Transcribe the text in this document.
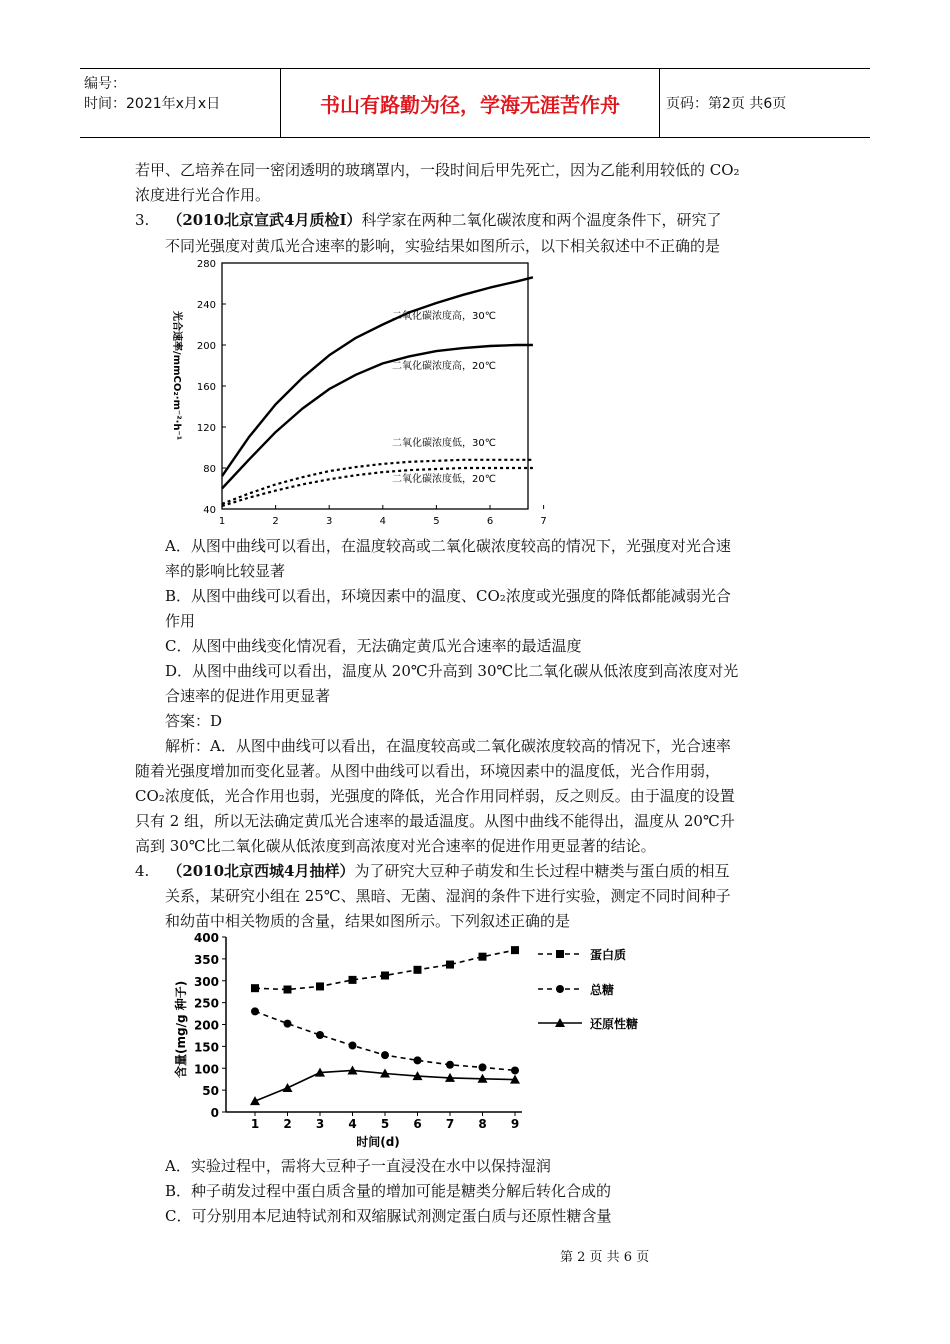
编号：
时间：2021年x月x日	书山有路勤为径，学海无涯苦作舟	页码：第2页 共6页
若甲、乙培养在同一密闭透明的玻璃罩内，一段时间后甲先死亡，因为乙能利用较低的 CO₂
浓度进行光合作用。
3. （2010北京宣武4月质检Ⅰ）科学家在两种二氧化碳浓度和两个温度条件下，研究了
不同光强度对黄瓜光合速率的影响，实验结果如图所示，以下相关叙述中不正确的是
40
80
120
160
200
240
280
1	2	3	4	5	6	7
二氧化碳浓度高，30℃
二氧化碳浓度高，20℃
二氧化碳浓度低，30℃
二氧化碳浓度低，20℃
光合速率/mmCO₂·m⁻²·h⁻¹
A．从图中曲线可以看出，在温度较高或二氧化碳浓度较高的情况下，光强度对光合速
率的影响比较显著
B．从图中曲线可以看出，环境因素中的温度、CO₂浓度或光强度的降低都能减弱光合
作用
C．从图中曲线变化情况看，无法确定黄瓜光合速率的最适温度
D．从图中曲线可以看出，温度从 20℃升高到 30℃比二氧化碳从低浓度到高浓度对光
合速率的促进作用更显著
答案：D
解析：A．从图中曲线可以看出，在温度较高或二氧化碳浓度较高的情况下，光合速率
随着光强度增加而变化显著。从图中曲线可以看出，环境因素中的温度低，光合作用弱，
CO₂浓度低，光合作用也弱，光强度的降低，光合作用同样弱，反之则反。由于温度的设置
只有 2 组，所以无法确定黄瓜光合速率的最适温度。从图中曲线不能得出，温度从 20℃升
高到 30℃比二氧化碳从低浓度到高浓度对光合速率的促进作用更显著的结论。
4. （2010北京西城4月抽样）为了研究大豆种子萌发和生长过程中糖类与蛋白质的相互
关系，某研究小组在 25℃、黑暗、无菌、湿润的条件下进行实验，测定不同时间种子
和幼苗中相关物质的含量，结果如图所示。下列叙述正确的是
0
50
100
150
200
250
300
350
400
1 2 3 4 5 6 7 8 9
蛋白质
总糖
还原性糖
含量(mg/g 种子)
时间(d)
A．实验过程中，需将大豆种子一直浸没在水中以保持湿润
B．种子萌发过程中蛋白质含量的增加可能是糖类分解后转化合成的
C．可分别用本尼迪特试剂和双缩脲试剂测定蛋白质与还原性糖含量
第 2 页 共 6 页
